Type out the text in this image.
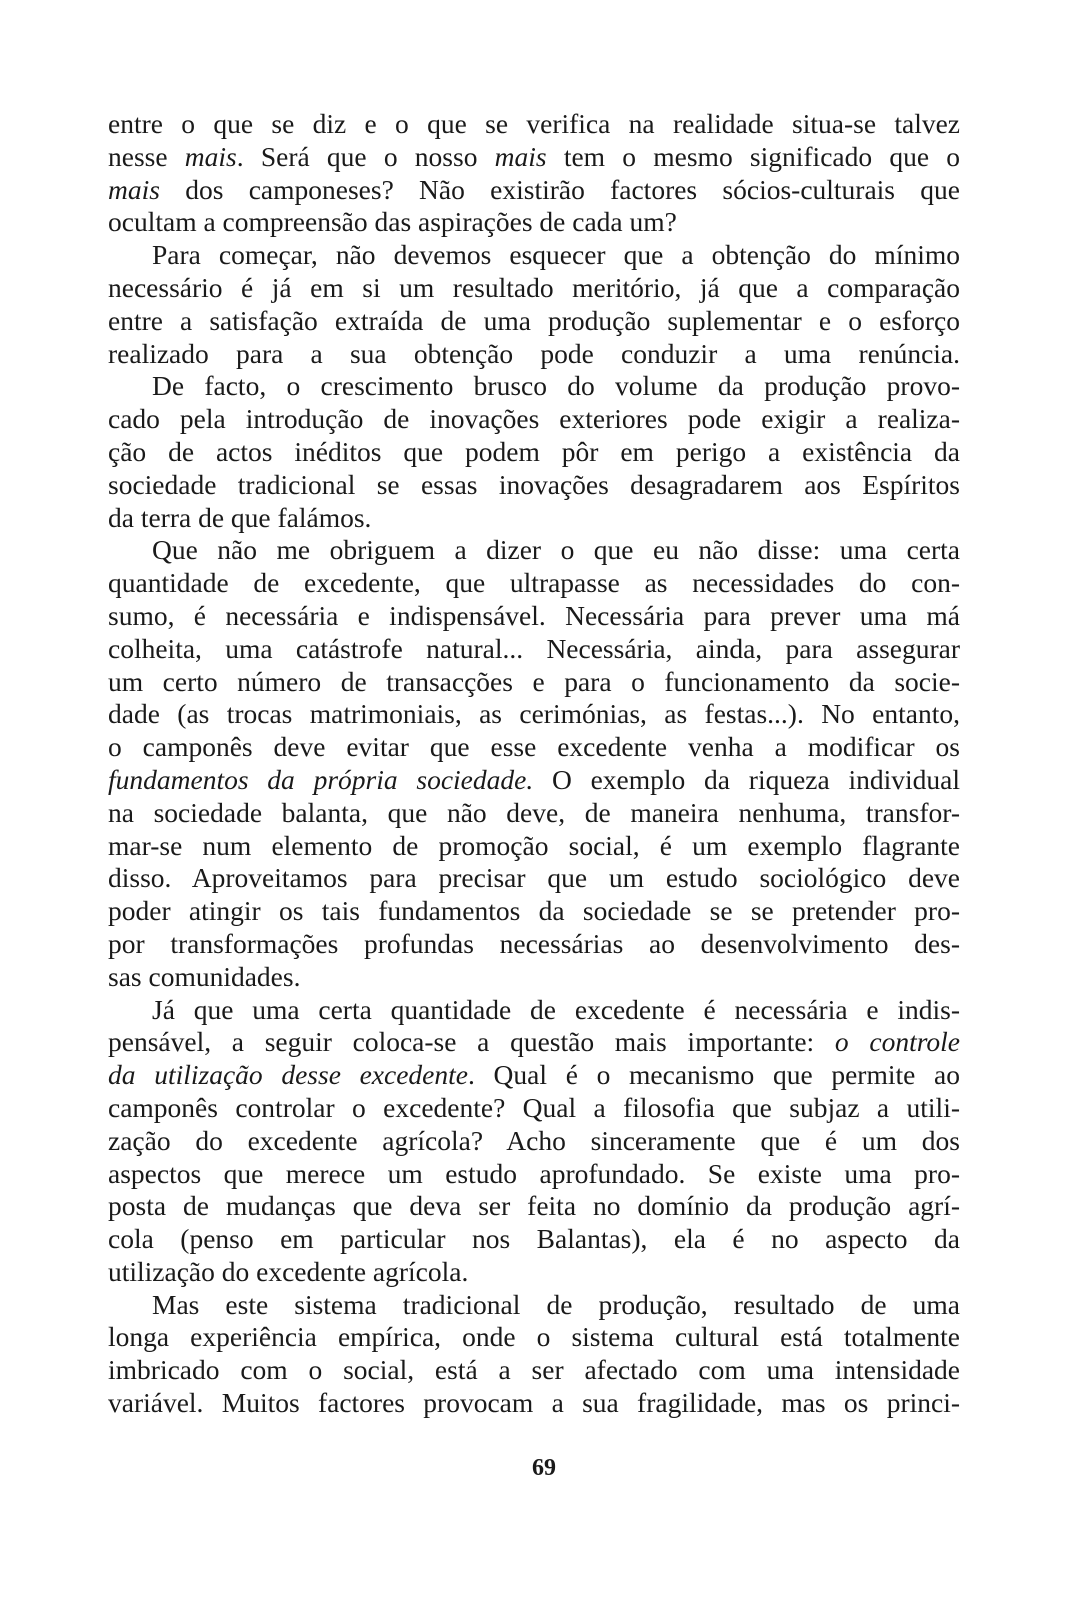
entre o que se diz e o que se verifica na realidade situa-se talvez
nesse mais. Será que o nosso mais tem o mesmo significado que o
mais dos camponeses? Não existirão factores sócios-culturais que
ocultam a compreensão das aspirações de cada um?
Para começar, não devemos esquecer que a obtenção do mínimo
necessário é já em si um resultado meritório, já que a comparação
entre a satisfação extraída de uma produção suplementar e o esforço
realizado para a sua obtenção pode conduzir a uma renúncia.
De facto, o crescimento brusco do volume da produção provo-
cado pela introdução de inovações exteriores pode exigir a realiza-
ção de actos inéditos que podem pôr em perigo a existência da
sociedade tradicional se essas inovações desagradarem aos Espíritos
da terra de que falámos.
Que não me obriguem a dizer o que eu não disse: uma certa
quantidade de excedente, que ultrapasse as necessidades do con-
sumo, é necessária e indispensável. Necessária para prever uma má
colheita, uma catástrofe natural... Necessária, ainda, para assegurar
um certo número de transacções e para o funcionamento da socie-
dade (as trocas matrimoniais, as cerimónias, as festas...). No entanto,
o camponês deve evitar que esse excedente venha a modificar os
fundamentos da própria sociedade. O exemplo da riqueza individual
na sociedade balanta, que não deve, de maneira nenhuma, transfor-
mar-se num elemento de promoção social, é um exemplo flagrante
disso. Aproveitamos para precisar que um estudo sociológico deve
poder atingir os tais fundamentos da sociedade se se pretender pro-
por transformações profundas necessárias ao desenvolvimento des-
sas comunidades.
Já que uma certa quantidade de excedente é necessária e indis-
pensável, a seguir coloca-se a questão mais importante: o controle
da utilização desse excedente. Qual é o mecanismo que permite ao
camponês controlar o excedente? Qual a filosofia que subjaz a utili-
zação do excedente agrícola? Acho sinceramente que é um dos
aspectos que merece um estudo aprofundado. Se existe uma pro-
posta de mudanças que deva ser feita no domínio da produção agrí-
cola (penso em particular nos Balantas), ela é no aspecto da
utilização do excedente agrícola.
Mas este sistema tradicional de produção, resultado de uma
longa experiência empírica, onde o sistema cultural está totalmente
imbricado com o social, está a ser afectado com uma intensidade
variável. Muitos factores provocam a sua fragilidade, mas os princi-
69
